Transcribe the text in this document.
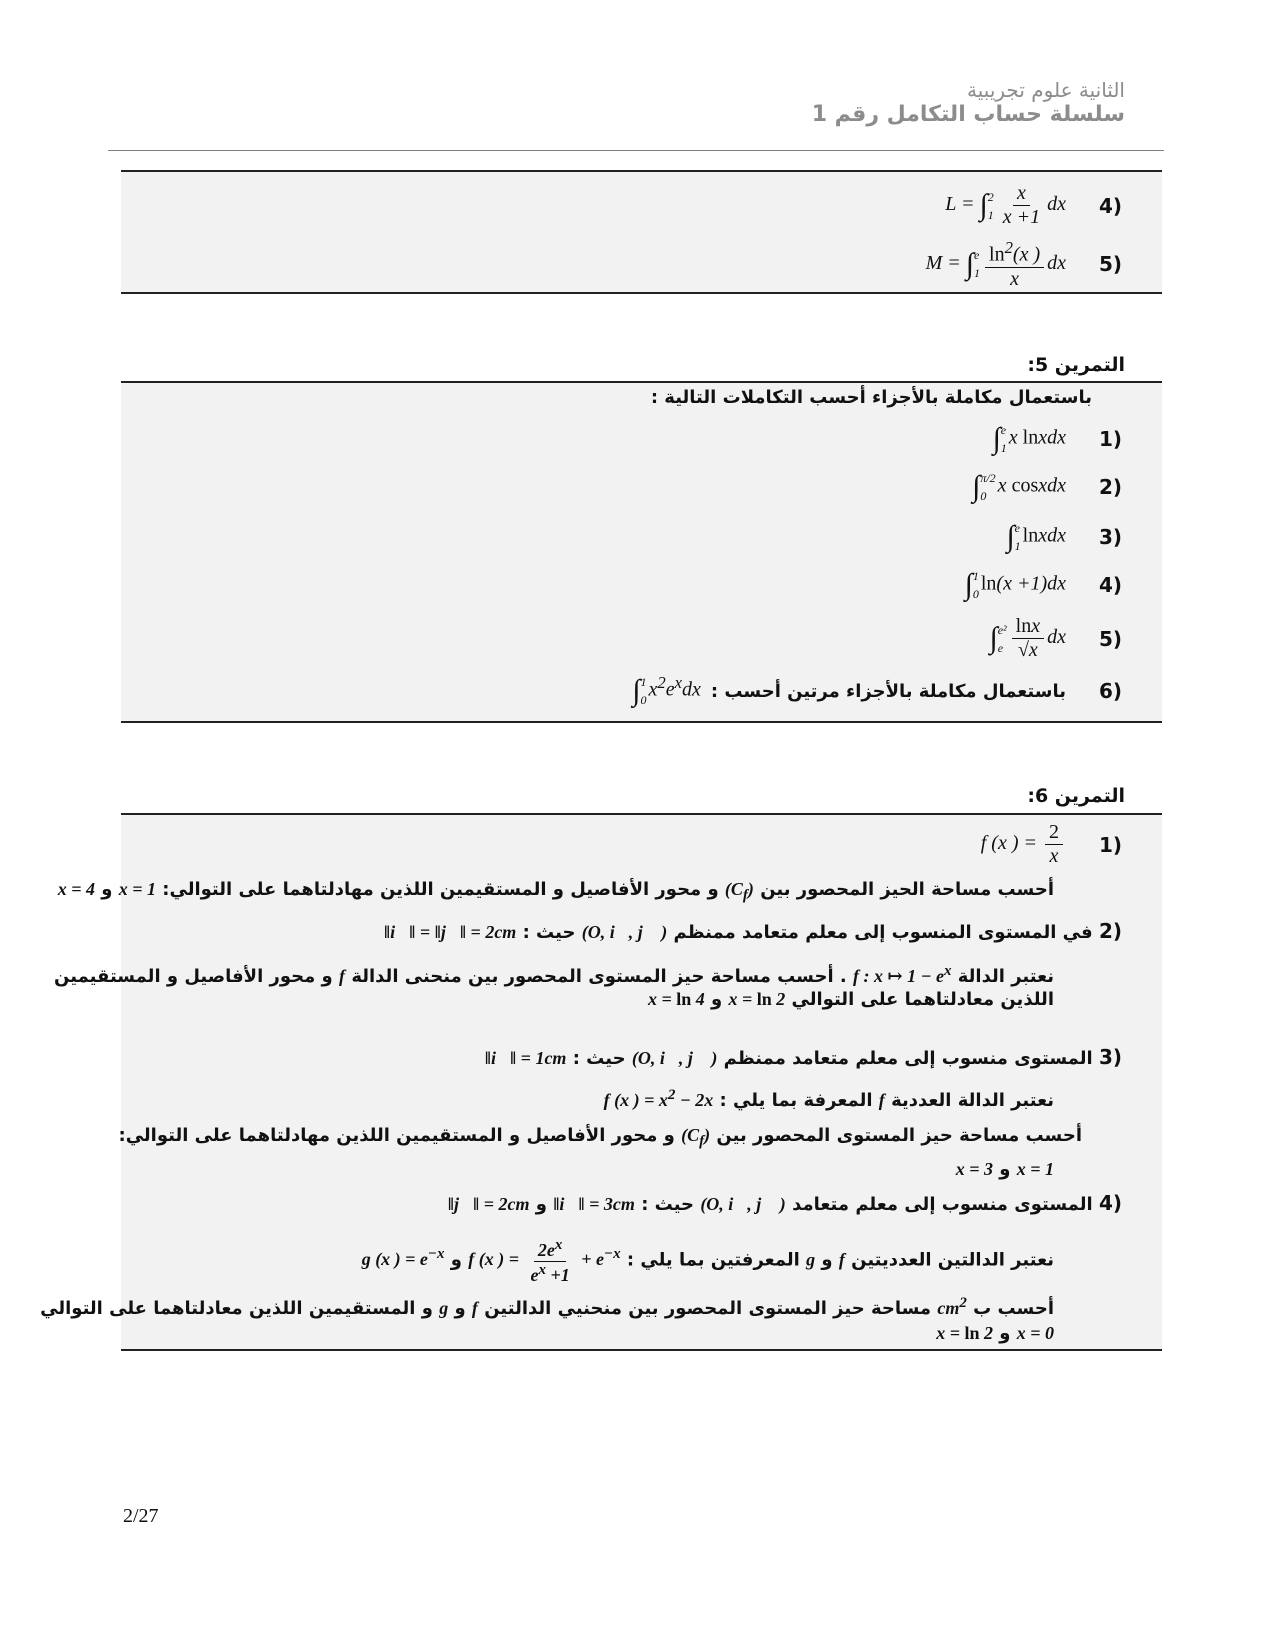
الثانية علوم تجريبية
سلسلة حساب التكامل رقم 1
(4
L = ∫ 2
$1 \frac{x}{x +1}$ dx
(5
M = ∫ e
$1 \frac{\ln^2(x )}{x}$ dx
التمرين 5:
باستعمال مكاملة بالأجزاء أحسب التكاملات التالية :
(1
∫ e
1 x lnxdx
(2
∫ π/2
0 x cosxdx
(3
∫ e
1 lnxdx
(4
∫ 1
0 ln(x +1)dx
(5
∫ e²
e $\frac{\ln x}{√x}$ dx
(6
باستعمال مكاملة بالأجزاء مرتين أحسب :
∫ 1
0 $x^2e^xdx$
التمرين 6:
(1
f (x ) = $\frac{2}{x}$
أحسب مساحة الحيز المحصور بين $(C_f)$ و محور الأفاصيل و المستقيمين اللذين مهادلتاهما على التوالي: x = 1 و x = 4
(2 في المستوى المنسوب إلى معلم متعامد ممنظم (O, i⃗, j⃗ ) حيث : ‖i⃗‖ = ‖j⃗‖ = 2cm
نعتبر الدالة f : x ↦ $1 - e^x$ . أحسب مساحة حيز المستوى المحصور بين منحنى الدالة f و محور الأفاصيل و المستقيمين
اللذين معادلتاهما على التوالي x = ln 2 و x = ln 4
(3 المستوى منسوب إلى معلم متعامد ممنظم (O, i⃗, j⃗ ) حيث : ‖i⃗‖ = 1cm
نعتبر الدالة العددية f المعرفة بما يلي : f (x ) = $x^2 - 2x$
أحسب مساحة حيز المستوى المحصور بين $(C_f)$ و محور الأفاصيل و المستقيمين اللذين مهادلتاهما على التوالي:
x = 1 و x = 3
(4 المستوى منسوب إلى معلم متعامد (O, i⃗, j⃗ ) حيث : ‖i⃗‖ = 3cm و ‖j⃗‖ = 2cm
نعتبر الدالتين العدديتين f و g المعرفتين بما يلي : f (x ) = $\frac{2e^x}{e^x +1} + e^{-x}$ و g (x ) = $e^{-x}$
أحسب ب $cm^2$ مساحة حيز المستوى المحصور بين منحنيي الدالتين f و g و المستقيمين اللذين معادلتاهما على التوالي
x = 0 و x = ln 2
2/27
